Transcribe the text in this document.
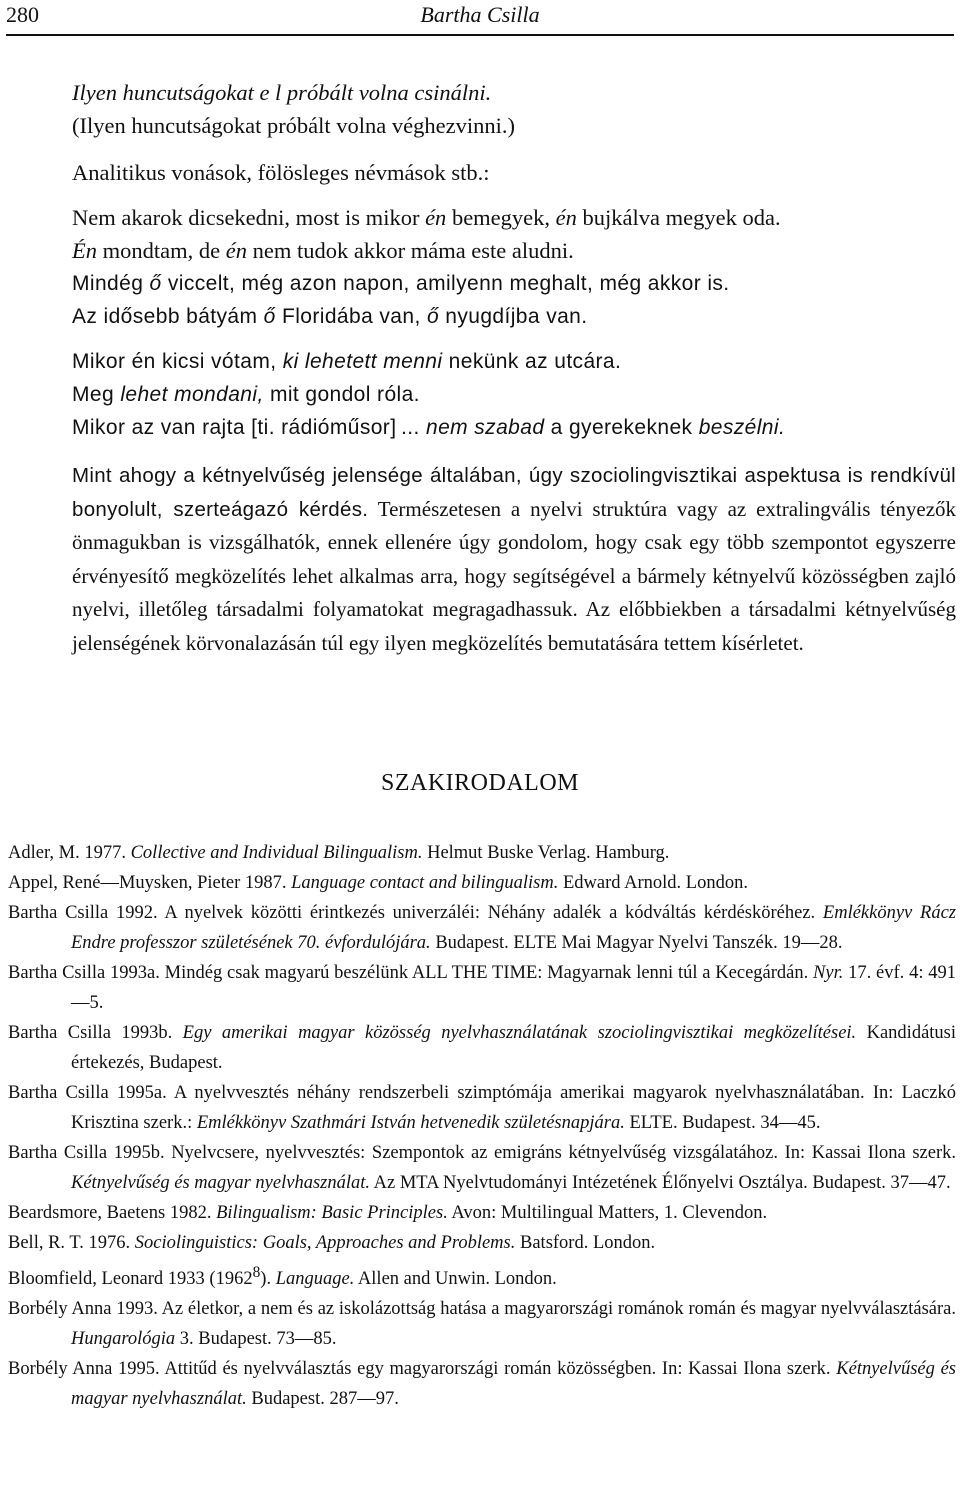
280	Bartha Csilla
Ilyen huncutságokat e l próbált volna csinálni.
(Ilyen huncutságokat próbált volna véghezvinni.)
Analitikus vonások, fölösleges névmások stb.:
Nem akarok dicsekedni, most is mikor én bemegyek, én bujkálva megyek oda.
Én mondtam, de én nem tudok akkor máma este aludni.
Mindég ő viccelt, még azon napon, amilyenn meghalt, még akkor is.
Az idősebb bátyám ő Floridába van, ő nyugdíjba van.
Mikor én kicsi vótam, ki lehetett menni nekünk az utcára.
Meg lehet mondani, mit gondol róla.
Mikor az van rajta [ti. rádióműsor] ... nem szabad a gyerekeknek beszélni.
Mint ahogy a kétnyelvűség jelensége általában, úgy szociolingvisztikai aspektusa is rendkívül bonyolult, szerteágazó kérdés. Természetesen a nyelvi struktúra vagy az extralingvális tényezők önmagukban is vizsgálhatók, ennek ellenére úgy gondolom, hogy csak egy több szempontot egyszerre érvényesítő megközelítés lehet alkalmas arra, hogy segítségével a bármely kétnyelvű közösségben zajló nyelvi, illetőleg társadalmi folyamatokat megragadhassuk. Az előbbiekben a társadalmi kétnyelvűség jelenségének körvonalazásán túl egy ilyen megközelítés bemutatására tettem kísérletet.
SZAKIRODALOM

Adler, M. 1977. Collective and Individual Bilingualism. Helmut Buske Verlag. Hamburg.

Appel, René—Muysken, Pieter 1987. Language contact and bilingualism. Edward Arnold. London.

Bartha Csilla 1992. A nyelvek közötti érintkezés univerzáléi: Néhány adalék a kódváltás kérdésköréhez. Emlékkönyv Rácz Endre professzor születésének 70. évfordulójára. Budapest. ELTE Mai Magyar Nyelvi Tanszék. 19—28.

Bartha Csilla 1993a. Mindég csak magyarú beszélünk ALL THE TIME: Magyarnak lenni túl a Kecegárdán. Nyr. 17. évf. 4: 491—5.

Bartha Csilla 1993b. Egy amerikai magyar közösség nyelvhasználatának szociolingvisztikai megközelítései. Kandidátusi értekezés, Budapest.

Bartha Csilla 1995a. A nyelvvesztés néhány rendszerbeli szimptómája amerikai magyarok nyelvhasználatában. In: Laczkó Krisztina szerk.: Emlékkönyv Szathmári István hetvenedik születésnapjára. ELTE. Budapest. 34—45.

Bartha Csilla 1995b. Nyelvcsere, nyelvvesztés: Szempontok az emigráns kétnyelvűség vizsgálatához. In: Kassai Ilona szerk. Kétnyelvűség és magyar nyelvhasználat. Az MTA Nyelvtudományi Intézetének Élőnyelvi Osztálya. Budapest. 37—47.

Beardsmore, Baetens 1982. Bilingualism: Basic Principles. Avon: Multilingual Matters, 1. Clevendon.

Bell, R. T. 1976. Sociolinguistics: Goals, Approaches and Problems. Batsford. London.

Bloomfield, Leonard 1933 (1962$^8$). Language. Allen and Unwin. London.

Borbély Anna 1993. Az életkor, a nem és az iskolázottság hatása a magyarországi románok román és magyar nyelvválasztására. Hungarológia 3. Budapest. 73—85.

Borbély Anna 1995. Attitűd és nyelvválasztás egy magyarországi román közösségben. In: Kassai Ilona szerk. Kétnyelvűség és magyar nyelvhasználat. Budapest. 287—97.
